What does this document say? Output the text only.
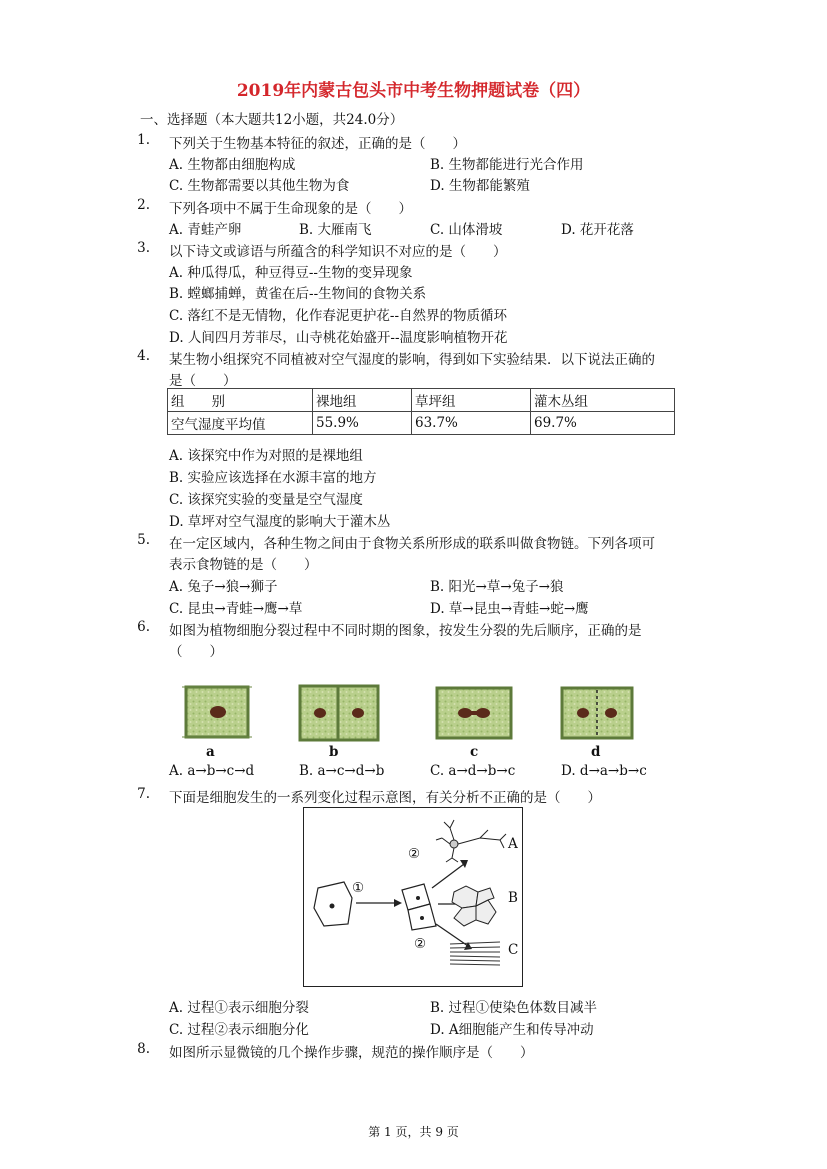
2019年内蒙古包头市中考生物押题试卷（四）
一、选择题（本大题共12小题，共24.0分）
1. 下列关于生物基本特征的叙述，正确的是（　　）
A. 生物都由细胞构成	B. 生物都能进行光合作用
C. 生物都需要以其他生物为食	D. 生物都能繁殖
2. 下列各项中不属于生命现象的是（　　）
A. 青蛙产卵	B. 大雁南飞	C. 山体滑坡	D. 花开花落
3. 以下诗文或谚语与所蕴含的科学知识不对应的是（　　）
A. 种瓜得瓜，种豆得豆--生物的变异现象
B. 螳螂捕蝉，黄雀在后--生物间的食物关系
C. 落红不是无情物，化作春泥更护花--自然界的物质循环
D. 人间四月芳菲尽，山寺桃花始盛开--温度影响植物开花
4. 某生物小组探究不同植被对空气湿度的影响，得到如下实验结果．以下说法正确的
是（　　）
组　　别	裸地组	草坪组	灌木丛组
空气湿度平均值	55.9%	63.7%	69.7%
A. 该探究中作为对照的是裸地组
B. 实验应该选择在水源丰富的地方
C. 该探究实验的变量是空气湿度
D. 草坪对空气湿度的影响大于灌木丛
5. 在一定区域内，各种生物之间由于食物关系所形成的联系叫做食物链。下列各项可
表示食物链的是（　　）
A. 兔子→狼→狮子	B. 阳光→草→兔子→狼
C. 昆虫→青蛙→鹰→草	D. 草→昆虫→青蛙→蛇→鹰
6. 如图为植物细胞分裂过程中不同时期的图象，按发生分裂的先后顺序，正确的是
（　　）
a	b	c	d
A. a→b→c→d	B. a→c→d→b	C. a→d→b→c	D. d→a→b→c
7. 下面是细胞发生的一系列变化过程示意图，有关分析不正确的是（　　）
①
②
②
A
B
C
A. 过程①表示细胞分裂	B. 过程①使染色体数目减半
C. 过程②表示细胞分化	D. A细胞能产生和传导冲动
8. 如图所示显微镜的几个操作步骤，规范的操作顺序是（　　）
第 1 页，共 9 页
